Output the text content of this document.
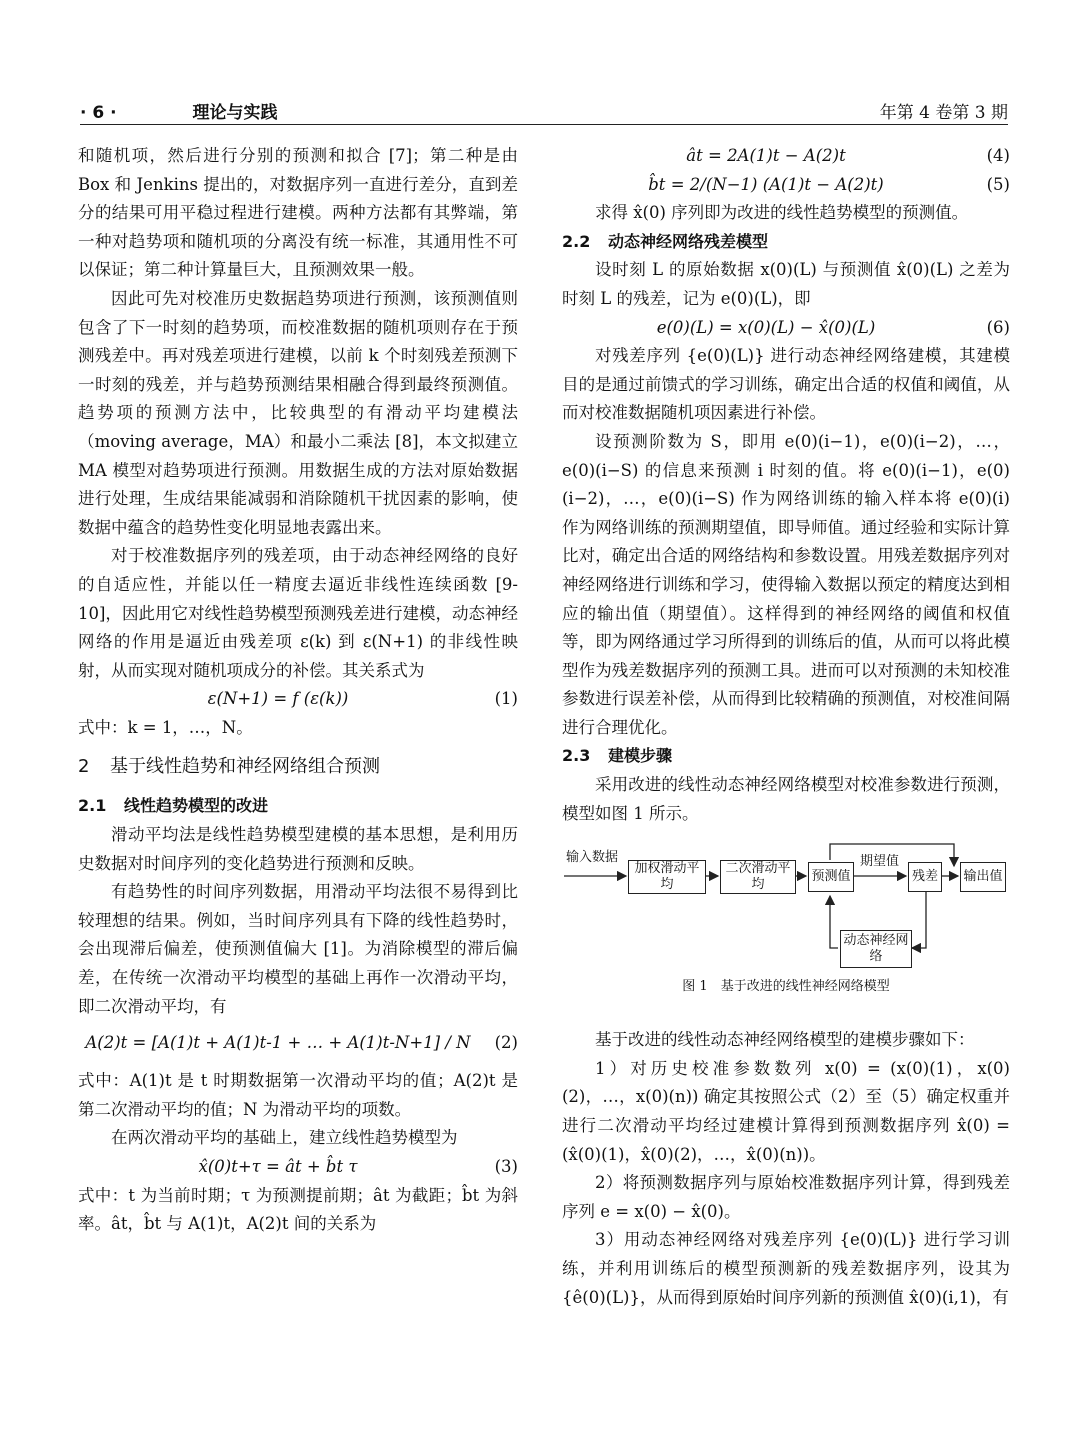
· 6 ·	理论与实践	年第 4 卷第 3 期

和随机项，然后进行分别的预测和拟合 [7]；第二种是由 Box 和 Jenkins 提出的，对数据序列一直进行差分，直到差分的结果可用平稳过程进行建模。两种方法都有其弊端，第一种对趋势项和随机项的分离没有统一标准，其通用性不可以保证；第二种计算量巨大，且预测效果一般。

因此可先对校准历史数据趋势项进行预测，该预测值则包含了下一时刻的趋势项，而校准数据的随机项则存在于预测残差中。再对残差项进行建模，以前 k 个时刻残差预测下一时刻的残差，并与趋势预测结果相融合得到最终预测值。趋势项的预测方法中，比较典型的有滑动平均建模法（moving average，MA）和最小二乘法 [8]，本文拟建立 MA 模型对趋势项进行预测。用数据生成的方法对原始数据进行处理，生成结果能减弱和消除随机干扰因素的影响，使数据中蕴含的趋势性变化明显地表露出来。

对于校准数据序列的残差项，由于动态神经网络的良好的自适应性，并能以任一精度去逼近非线性连续函数 [9-10]，因此用它对线性趋势模型预测残差进行建模，动态神经网络的作用是逼近由残差项 ε(k) 到 ε(N+1) 的非线性映射，从而实现对随机项成分的补偿。其关系式为

ε(N+1) = f (ε(k))	(1)

式中：k = 1，…，N。

2 基于线性趋势和神经网络组合预测
2.1 线性趋势模型的改进

滑动平均法是线性趋势模型建模的基本思想，是利用历史数据对时间序列的变化趋势进行预测和反映。

有趋势性的时间序列数据，用滑动平均法很不易得到比较理想的结果。例如，当时间序列具有下降的线性趋势时，会出现滞后偏差，使预测值偏大 [1]。为消除模型的滞后偏差，在传统一次滑动平均模型的基础上再作一次滑动平均，即二次滑动平均，有

A(2)t = [A(1)t + A(1)t-1 + … + A(1)t-N+1] / N	(2)

式中：A(1)t 是 t 时期数据第一次滑动平均的值；A(2)t 是第二次滑动平均的值；N 为滑动平均的项数。

在两次滑动平均的基础上，建立线性趋势模型为

x̂(0)t+τ = ât + b̂t τ	(3)

式中：t 为当前时期；τ 为预测提前期；ât 为截距；b̂t 为斜率。ât，b̂t 与 A(1)t，A(2)t 间的关系为

ât = 2A(1)t − A(2)t	(4)
b̂t = 2/(N−1) (A(1)t − A(2)t)	(5)

求得 x̂(0) 序列即为改进的线性趋势模型的预测值。

2.2 动态神经网络残差模型

设时刻 L 的原始数据 x(0)(L) 与预测值 x̂(0)(L) 之差为时刻 L 的残差，记为 e(0)(L)，即

e(0)(L) = x(0)(L) − x̂(0)(L)	(6)

对残差序列 {e(0)(L)} 进行动态神经网络建模，其建模目的是通过前馈式的学习训练，确定出合适的权值和阈值，从而对校准数据随机项因素进行补偿。

设预测阶数为 S，即用 e(0)(i−1)，e(0)(i−2)，…，e(0)(i−S) 的信息来预测 i 时刻的值。将 e(0)(i−1)，e(0)(i−2)，…，e(0)(i−S) 作为网络训练的输入样本将 e(0)(i) 作为网络训练的预测期望值，即导师值。通过经验和实际计算比对，确定出合适的网络结构和参数设置。用残差数据序列对神经网络进行训练和学习，使得输入数据以预定的精度达到相应的输出值（期望值）。这样得到的神经网络的阈值和权值等，即为网络通过学习所得到的训练后的值，从而可以将此模型作为残差数据序列的预测工具。进而可以对预测的未知校准参数进行误差补偿，从而得到比较精确的预测值，对校准间隔进行合理优化。

2.3 建模步骤

采用改进的线性动态神经网络模型对校准参数进行预测，模型如图 1 所示。

输入数据
加权滑动平均
二次滑动平均
预测值
期望值
残差	输出值
动态神经网络
图 1　基于改进的线性神经网络模型

基于改进的线性动态神经网络模型的建模步骤如下：

1）对历史校准参数数列 x(0) = (x(0)(1)，x(0)(2)，…，x(0)(n)) 确定其按照公式（2）至（5）确定权重并进行二次滑动平均经过建模计算得到预测数据序列 x̂(0) = (x̂(0)(1)，x̂(0)(2)，…，x̂(0)(n))。

2）将预测数据序列与原始校准数据序列计算，得到残差序列 e = x(0) − x̂(0)。

3）用动态神经网络对残差序列 {e(0)(L)} 进行学习训练，并利用训练后的模型预测新的残差数据序列，设其为 {ê(0)(L)}，从而得到原始时间序列新的预测值 x̂(0)(i,1)，有
